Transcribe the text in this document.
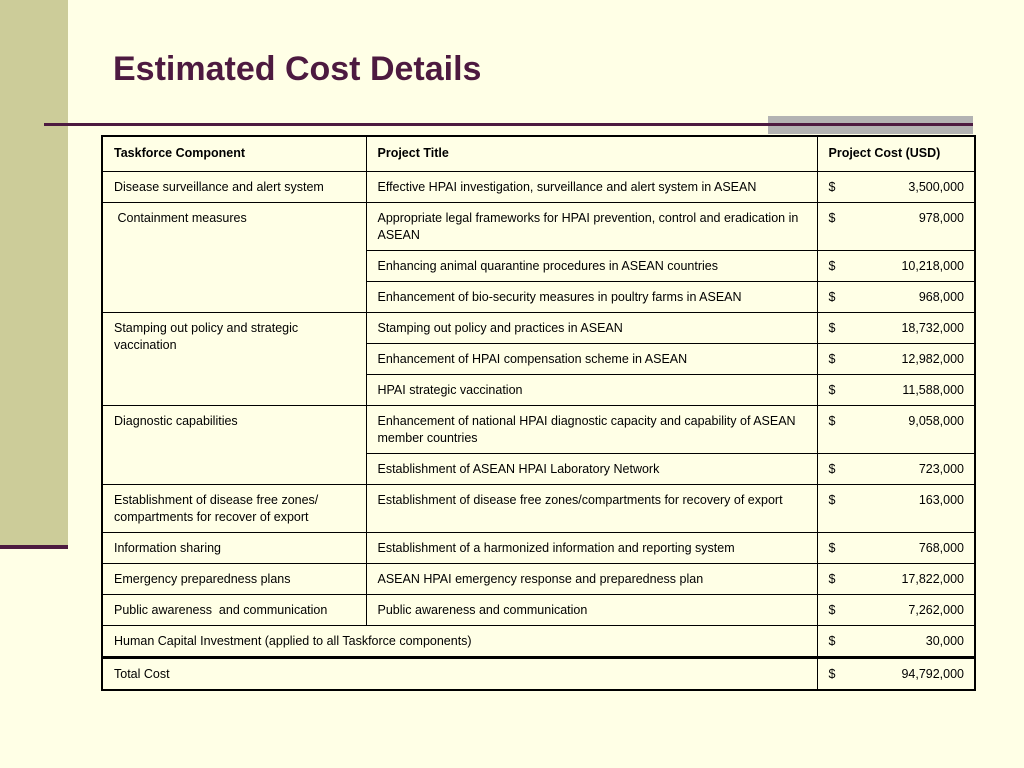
Estimated Cost Details
Taskforce Component	Project Title	Project Cost (USD)
Disease surveillance and alert system	Effective HPAI investigation, surveillance and alert system in ASEAN	$ 3,500,000

Containment measures	Appropriate legal frameworks for HPAI prevention, control and eradication in ASEAN	$ 978,000

	Enhancing animal quarantine procedures in ASEAN countries	$ 10,218,000

	Enhancement of bio-security measures in poultry farms in ASEAN	$ 968,000

Stamping out policy and strategic vaccination	Stamping out policy and practices in ASEAN	$ 18,732,000

	Enhancement of HPAI compensation scheme in ASEAN	$ 12,982,000

	HPAI strategic vaccination	$ 11,588,000

Diagnostic capabilities	Enhancement of national HPAI diagnostic capacity and capability of ASEAN member countries	$ 9,058,000

	Establishment of ASEAN HPAI Laboratory Network	$ 723,000

Establishment of disease free zones/ compartments for recover of export	Establishment of disease free zones/compartments for recovery of export	$ 163,000

Information sharing	Establishment of a harmonized information and reporting system	$ 768,000

Emergency preparedness plans	ASEAN HPAI emergency response and preparedness plan	$ 17,822,000

Public awareness  and communication	Public awareness and communication	$ 7,262,000

Human Capital Investment (applied to all Taskforce components)		$ 30,000

Total Cost		$ 94,792,000
